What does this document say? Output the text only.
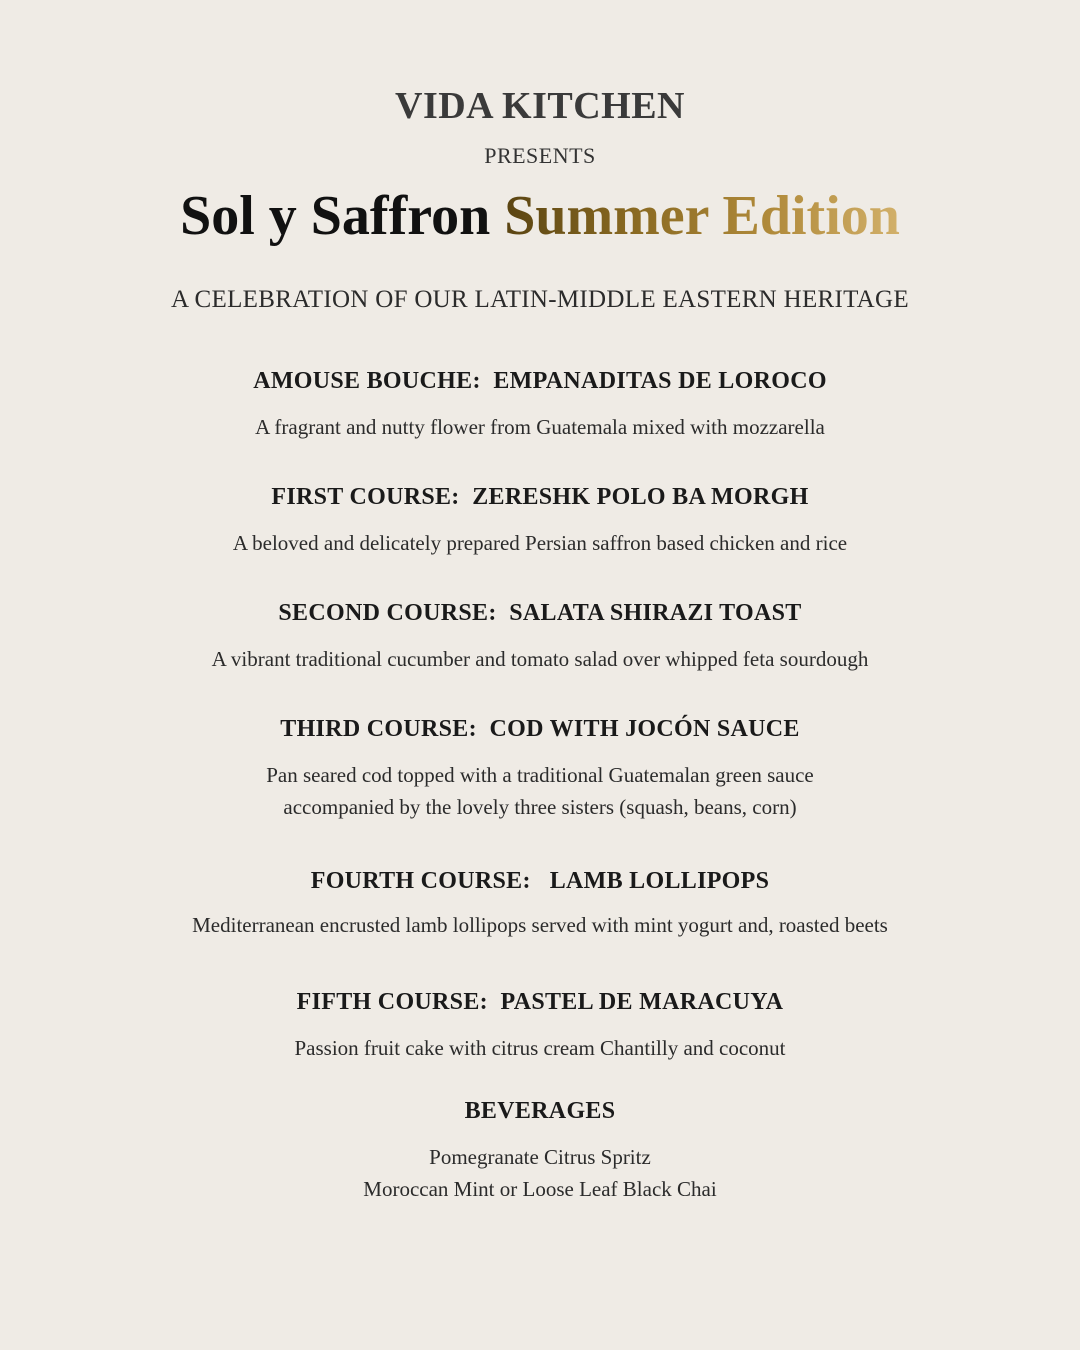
VIDA KITCHEN
PRESENTS
Sol y Saffron Summer Edition
A CELEBRATION OF OUR LATIN-MIDDLE EASTERN HERITAGE
AMOUSE BOUCHE: EMPANADITAS DE LOROCO
A fragrant and nutty flower from Guatemala mixed with mozzarella
FIRST COURSE: ZERESHK POLO BA MORGH
A beloved and delicately prepared Persian saffron based chicken and rice
SECOND COURSE: SALATA SHIRAZI TOAST
A vibrant traditional cucumber and tomato salad over whipped feta sourdough
THIRD COURSE: COD WITH JOCÓN SAUCE
Pan seared cod topped with a traditional Guatemalan green sauce
accompanied by the lovely three sisters (squash, beans, corn)
FOURTH COURSE: LAMB LOLLIPOPS
Mediterranean encrusted lamb lollipops served with mint yogurt and, roasted beets
FIFTH COURSE: PASTEL DE MARACUYA
Passion fruit cake with citrus cream Chantilly and coconut
BEVERAGES
Pomegranate Citrus Spritz
Moroccan Mint or Loose Leaf Black Chai
